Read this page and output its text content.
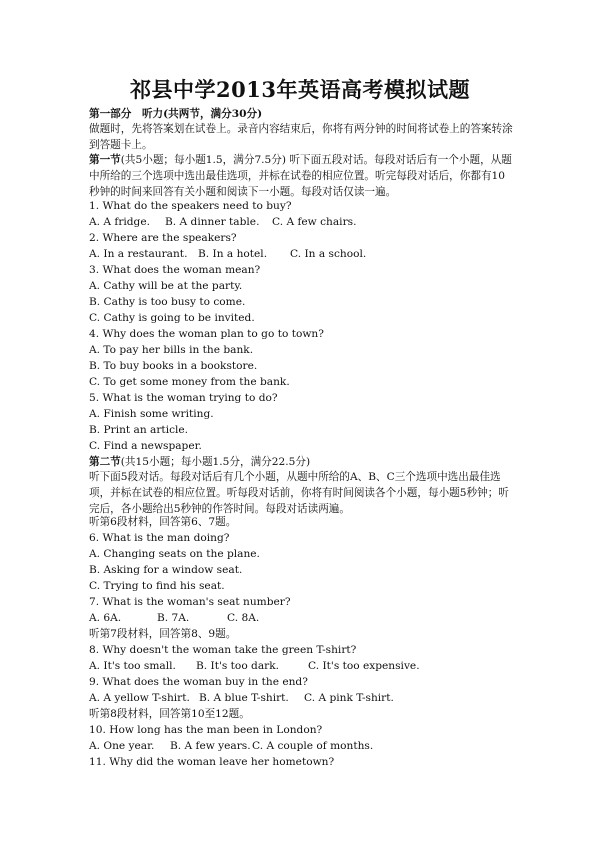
祁县中学2013年英语高考模拟试题
第一部分　听力(共两节，满分30分)
做题时，先将答案划在试卷上。录音内容结束后，你将有两分钟的时间将试卷上的答案转涂到答题卡上。
第一节(共5小题；每小题1.5，满分7.5分) 听下面五段对话。每段对话后有一个小题，从题中所给的三个选项中选出最佳选项，并标在试卷的相应位置。听完每段对话后，你都有10秒钟的时间来回答有关小题和阅读下一小题。每段对话仅读一遍。
1. What do the speakers need to buy?
A. A fridge. B. A dinner table. C. A few chairs.
2. Where are the speakers?
A. In a restaurant. B. In a hotel. C. In a school.
3. What does the woman mean?
A. Cathy will be at the party.
B. Cathy is too busy to come.
C. Cathy is going to be invited.
4. Why does the woman plan to go to town?
A. To pay her bills in the bank.
B. To buy books in a bookstore.
C. To get some money from the bank.
5. What is the woman trying to do?
A. Finish some writing.
B. Print an article.
C. Find a newspaper.
第二节(共15小题；每小题1.5分，满分22.5分)
听下面5段对话。每段对话后有几个小题，从题中所给的A、B、C三个选项中选出最佳选项，并标在试卷的相应位置。听每段对话前，你将有时间阅读各个小题，每小题5秒钟；听完后，各小题给出5秒钟的作答时间。每段对话读两遍。
听第6段材料，回答第6、7题。
6. What is the man doing?
A. Changing seats on the plane.
B. Asking for a window seat.
C. Trying to find his seat.
7. What is the woman's seat number?
A. 6A.	B. 7A.	C. 8A.
听第7段材料，回答第8、9题。
8. Why doesn't the woman take the green T-shirt?
A. It's too small. B. It's too dark.	C. It's too expensive.
9. What does the woman buy in the end?
A. A yellow T-shirt. B. A blue T-shirt. C. A pink T-shirt.
听第8段材料，回答第10至12题。
10. How long has the man been in London?
A. One year. B. A few years.C. A couple of months.
11. Why did the woman leave her hometown?
